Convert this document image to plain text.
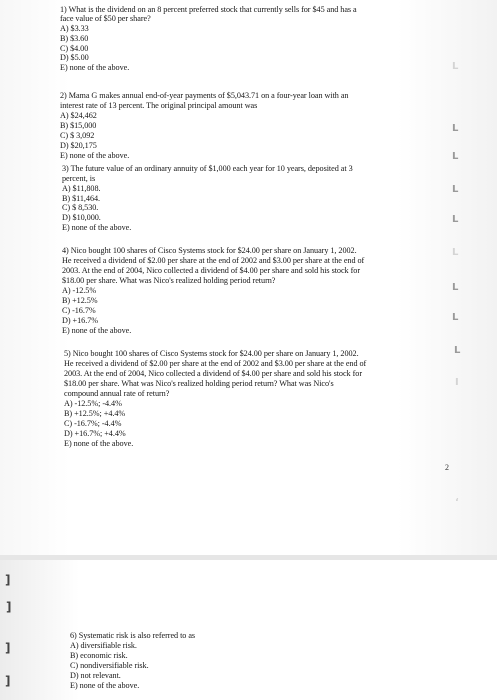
1) What is the dividend on an 8 percent preferred stock that currently sells for $45 and has a
face value of $50 per share?
A) $3.33
B) $3.60
C) $4.00
D) $5.00
E) none of the above.
2) Mama G makes annual end-of-year payments of $5,043.71 on a four-year loan with an
interest rate of 13 percent. The original principal amount was
A) $24,462
B) $15,000
C) $ 3,092
D) $20,175
E) none of the above.
3) The future value of an ordinary annuity of $1,000 each year for 10 years, deposited at 3
percent, is
A) $11,808.
B) $11,464.
C) $ 8,530.
D) $10,000.
E) none of the above.
4) Nico bought 100 shares of Cisco Systems stock for $24.00 per share on January 1, 2002.
He received a dividend of $2.00 per share at the end of 2002 and $3.00 per share at the end of
2003. At the end of 2004, Nico collected a dividend of $4.00 per share and sold his stock for
$18.00 per share. What was Nico's realized holding period return?
A) -12.5%
B) +12.5%
C) -16.7%
D) +16.7%
E) none of the above.
5) Nico bought 100 shares of Cisco Systems stock for $24.00 per share on January 1, 2002.
He received a dividend of $2.00 per share at the end of 2002 and $3.00 per share at the end of
2003. At the end of 2004, Nico collected a dividend of $4.00 per share and sold his stock for
$18.00 per share. What was Nico's realized holding period return? What was Nico's
compound annual rate of return?
A) -12.5%; -4.4%
B) +12.5%; +4.4%
C) -16.7%; -4.4%
D) +16.7%; +4.4%
E) none of the above.
2
L
L
L
L
L
L
L
L
L
I
‘
]
]
]
]
6) Systematic risk is also referred to as
A) diversifiable risk.
B) economic risk.
C) nondiversifiable risk.
D) not relevant.
E) none of the above.
